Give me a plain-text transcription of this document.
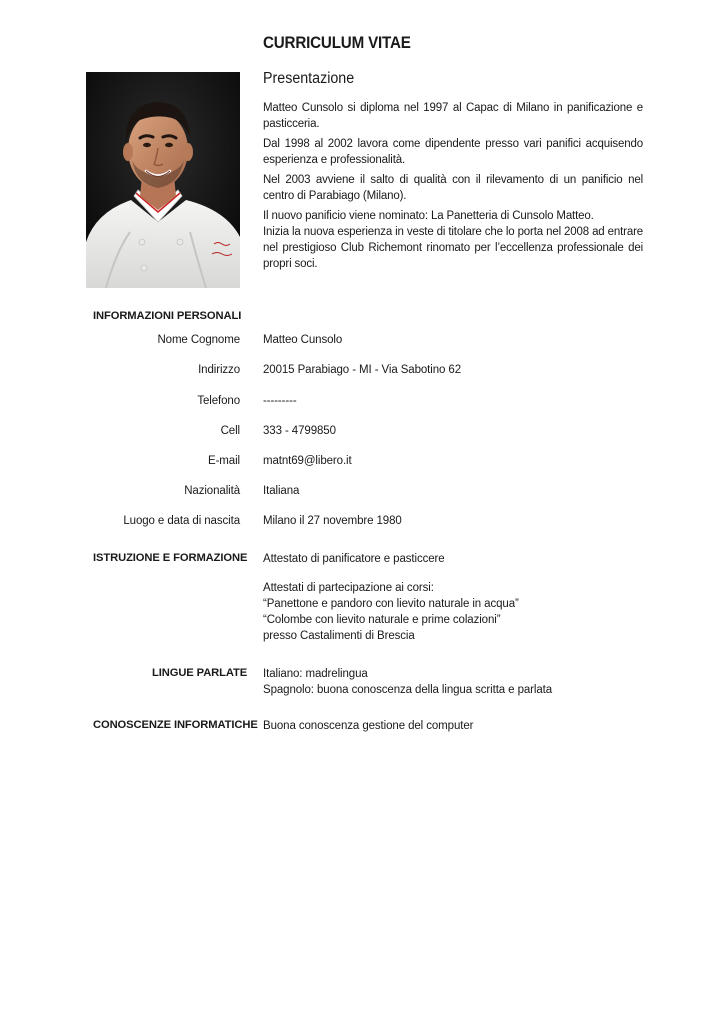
CURRICULUM VITAE
Presentazione

Matteo Cunsolo si diploma nel 1997 al Capac di Milano in panificazione e pasticceria.

Dal 1998 al 2002 lavora come dipendente presso vari panifici acquisendo esperienza e professionalità.

Nel 2003 avviene il salto di qualità con il rilevamento di un panificio nel centro di Parabiago (Milano).

Il nuovo panificio viene nominato: La Panetteria di Cunsolo Matteo.

Inizia la nuova esperienza in veste di titolare che lo porta nel 2008 ad entrare nel prestigioso Club Richemont rinomato per l’eccellenza professionale dei propri soci.

INFORMAZIONI PERSONALI
Nome Cognome Matteo Cunsolo
Indirizzo 20015 Parabiago - MI - Via Sabotino 62
Telefono ---------
Cell 333 - 4799850
E-mail matnt69@libero.it
Nazionalità Italiana
Luogo e data di nascita Milano il 27 novembre 1980
ISTRUZIONE E FORMAZIONE Attestato di panificatore e pasticcere
Attestati di partecipazione ai corsi:
“Panettone e pandoro con lievito naturale in acqua”
“Colombe con lievito naturale e prime colazioni”
presso Castalimenti di Brescia
LINGUE PARLATE Italiano: madrelingua
Spagnolo: buona conoscenza della lingua scritta e parlata
CONOSCENZE INFORMATICHE Buona conoscenza gestione del computer
